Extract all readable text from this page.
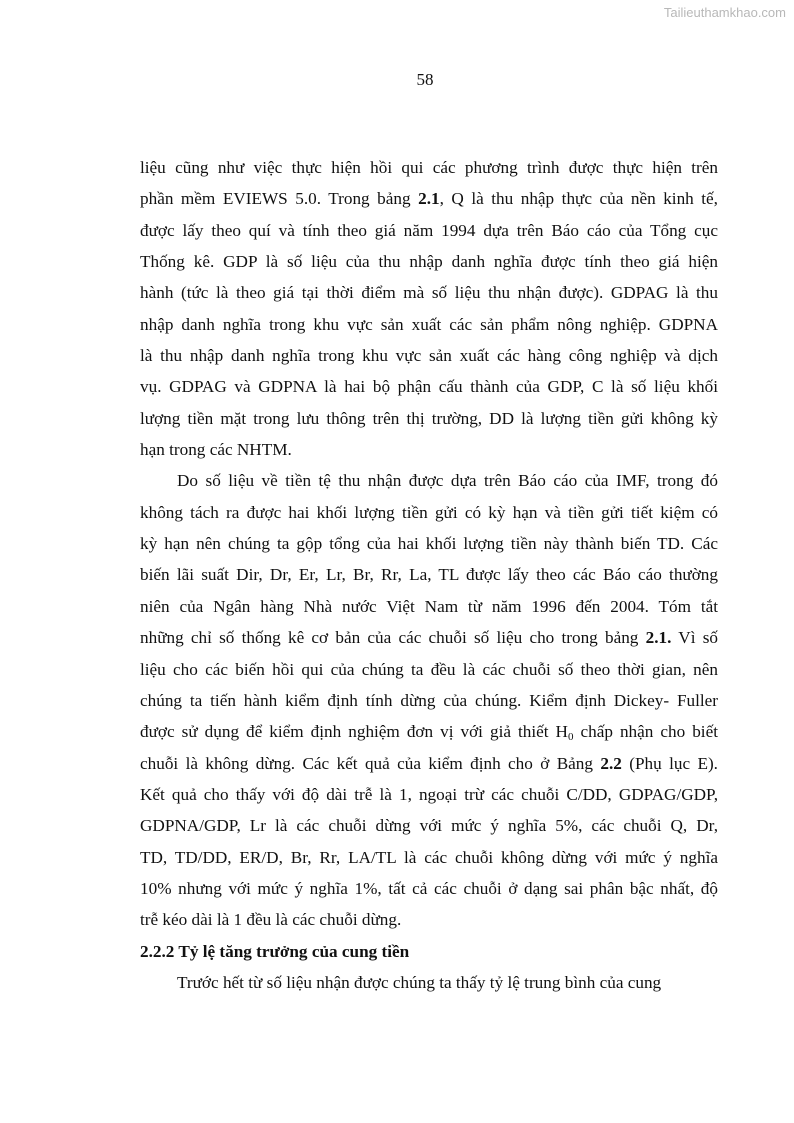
Tailieuthamkhao.com
58
liệu cũng như việc thực hiện hồi qui các phương trình được thực hiện trên
phần mềm EVIEWS 5.0. Trong bảng 2.1, Q là thu nhập thực của nền kinh tế,
được lấy theo quí và tính theo giá năm 1994 dựa trên Báo cáo của Tổng cục
Thống kê. GDP là số liệu của thu nhập danh nghĩa được tính theo giá hiện
hành (tức là theo giá tại thời điểm mà số liệu thu nhận được). GDPAG là thu
nhập danh nghĩa trong khu vực sản xuất các sản phẩm nông nghiệp. GDPNA
là thu nhập danh nghĩa trong khu vực sản xuất các hàng công nghiệp và dịch
vụ. GDPAG và GDPNA là hai bộ phận cấu thành của GDP, C là số liệu khối
lượng tiền mặt trong lưu thông trên thị trường, DD là lượng tiền gửi không kỳ
hạn trong các NHTM.
Do số liệu về tiền tệ thu nhận được dựa trên Báo cáo của IMF, trong đó
không tách ra được hai khối lượng tiền gửi có kỳ hạn và tiền gửi tiết kiệm có
kỳ hạn nên chúng ta gộp tổng của hai khối lượng tiền này thành biến TD. Các
biến lãi suất Dir, Dr, Er, Lr, Br, Rr, La, TL được lấy theo các Báo cáo thường
niên của Ngân hàng Nhà nước Việt Nam từ năm 1996 đến 2004. Tóm tắt
những chỉ số thống kê cơ bản của các chuỗi số liệu cho trong bảng 2.1. Vì số
liệu cho các biến hồi qui của chúng ta đều là các chuỗi số theo thời gian, nên
chúng ta tiến hành kiểm định tính dừng của chúng. Kiểm định Dickey- Fuller
được sử dụng để kiểm định nghiệm đơn vị với giả thiết $H_0$ chấp nhận cho biết
chuỗi là không dừng. Các kết quả của kiểm định cho ở Bảng 2.2 (Phụ lục E).
Kết quả cho thấy với độ dài trễ là 1, ngoại trừ các chuỗi C/DD, GDPAG/GDP,
GDPNA/GDP, Lr là các chuỗi dừng với mức ý nghĩa 5%, các chuỗi Q, Dr,
TD, TD/DD, ER/D, Br, Rr, LA/TL là các chuỗi không dừng với mức ý nghĩa
10% nhưng với mức ý nghĩa 1%, tất cả các chuỗi ở dạng sai phân bậc nhất, độ
trễ kéo dài là 1 đều là các chuỗi dừng.
2.2.2 Tỷ lệ tăng trưởng của cung tiền
Trước hết từ số liệu nhận được chúng ta thấy tỷ lệ trung bình của cung
